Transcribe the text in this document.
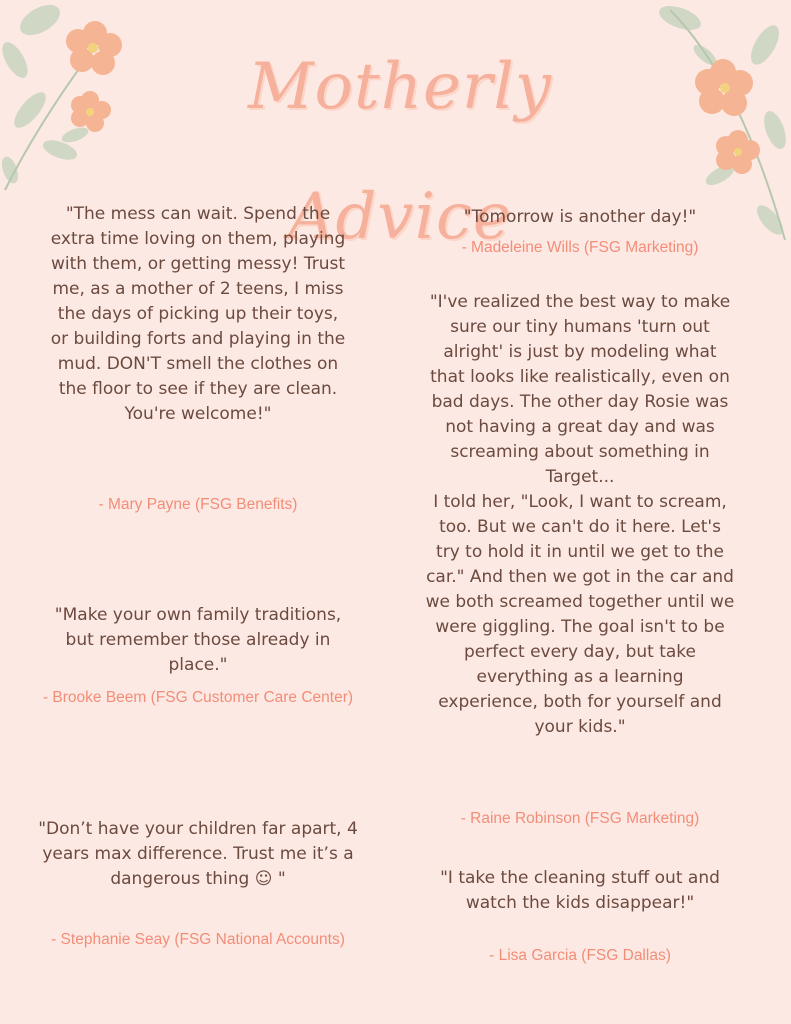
Motherly Advice
"The mess can wait. Spend the extra time loving on them, playing with them, or getting messy! Trust me, as a mother of 2 teens, I miss the days of picking up their toys, or building forts and playing in the mud. DON'T smell the clothes on the floor to see if they are clean. You're welcome!"
- Mary Payne (FSG Benefits)
"Make your own family traditions, but remember those already in place."
- Brooke Beem (FSG Customer Care Center)
"Don’t have your children far apart, 4 years max difference. Trust me it’s a dangerous thing ☺ "
- Stephanie Seay (FSG National Accounts)
"Tomorrow is another day!"
- Madeleine Wills (FSG Marketing)
"I've realized the best way to make sure our tiny humans 'turn out alright' is just by modeling what that looks like realistically, even on bad days. The other day Rosie was not having a great day and was screaming about something in Target...
I told her, "Look, I want to scream, too. But we can't do it here. Let's try to hold it in until we get to the car." And then we got in the car and we both screamed together until we were giggling. The goal isn't to be perfect every day, but take everything as a learning experience, both for yourself and your kids."
- Raine Robinson (FSG Marketing)
"I take the cleaning stuff out and watch the kids disappear!"
- Lisa Garcia (FSG Dallas)
